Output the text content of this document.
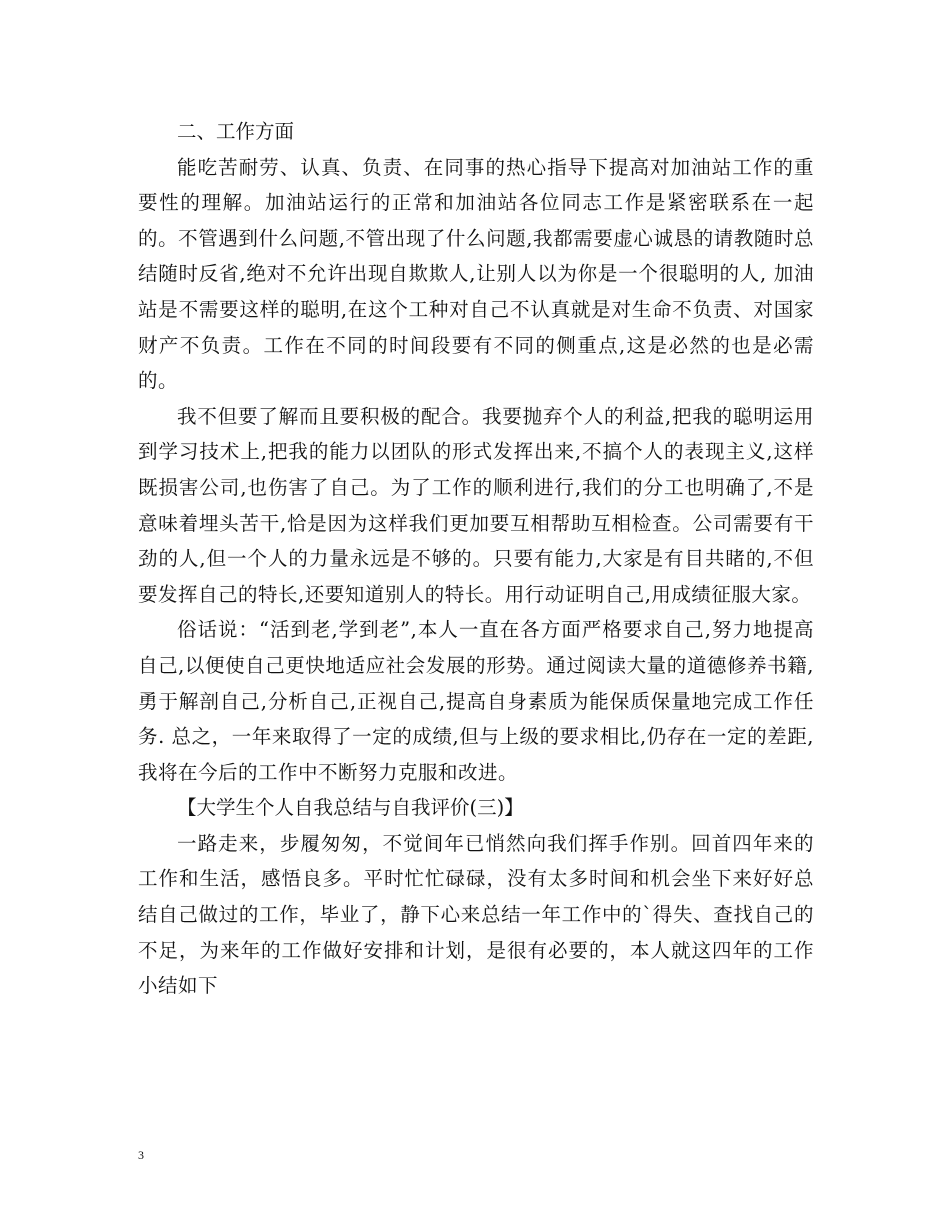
二、工作方面

能吃苦耐劳、认真、负责、在同事的热心指导下提高对加油站工作的重要性的理解。加油站运行的正常和加油站各位同志工作是紧密联系在一起的。不管遇到什么问题,不管出现了什么问题,我都需要虚心诚恳的请教随时总结随时反省,绝对不允许出现自欺欺人,让别人以为你是一个很聪明的人, 加油站是不需要这样的聪明,在这个工种对自己不认真就是对生命不负责、对国家财产不负责。工作在不同的时间段要有不同的侧重点,这是必然的也是必需的。

我不但要了解而且要积极的配合。我要抛弃个人的利益,把我的聪明运用到学习技术上,把我的能力以团队的形式发挥出来,不搞个人的表现主义,这样既损害公司,也伤害了自己。为了工作的顺利进行,我们的分工也明确了,不是意味着埋头苦干,恰是因为这样我们更加要互相帮助互相检查。公司需要有干劲的人,但一个人的力量永远是不够的。只要有能力,大家是有目共睹的,不但要发挥自己的特长,还要知道别人的特长。用行动证明自己,用成绩征服大家。

俗话说：“活到老,学到老”,本人一直在各方面严格要求自己,努力地提高自己,以便使自己更快地适应社会发展的形势。通过阅读大量的道德修养书籍,勇于解剖自己,分析自己,正视自己,提高自身素质为能保质保量地完成工作任务. 总之，一年来取得了一定的成绩,但与上级的要求相比,仍存在一定的差距,我将在今后的工作中不断努力克服和改进。

【大学生个人自我总结与自我评价(三)】

一路走来，步履匆匆，不觉间年已悄然向我们挥手作别。回首四年来的工作和生活，感悟良多。平时忙忙碌碌，没有太多时间和机会坐下来好好总结自己做过的工作，毕业了，静下心来总结一年工作中的`得失、查找自己的不足，为来年的工作做好安排和计划，是很有必要的，本人就这四年的工作小结如下

3
